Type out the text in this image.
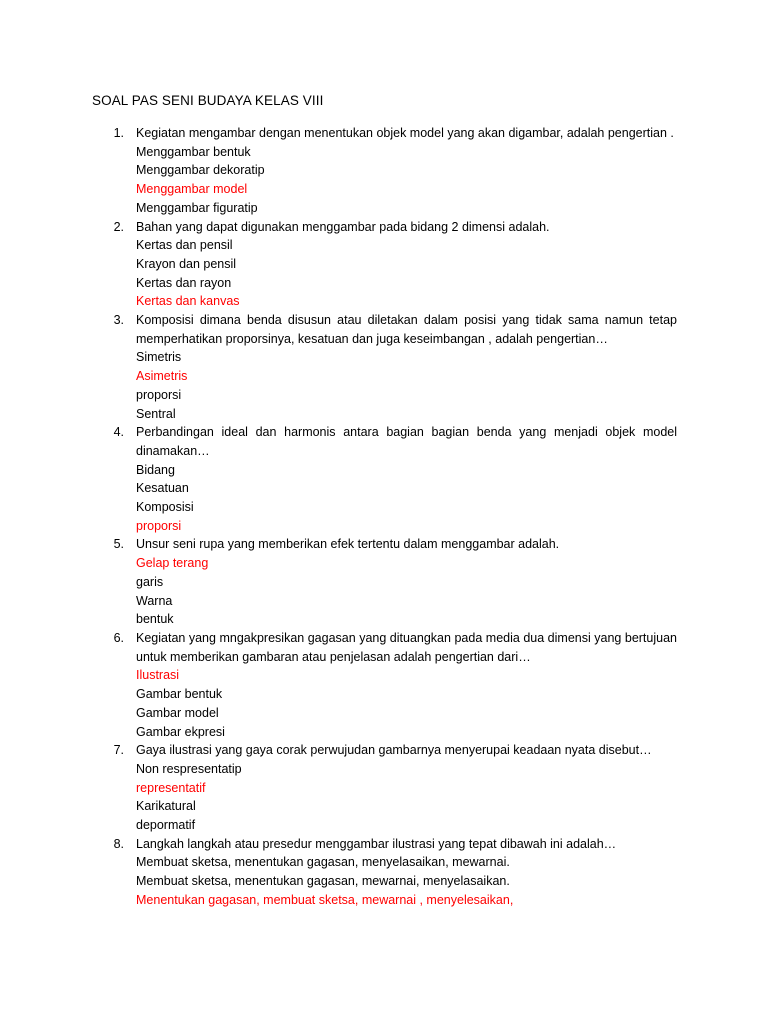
SOAL PAS SENI BUDAYA KELAS VIII
1. Kegiatan mengambar dengan menentukan objek model yang akan digambar, adalah pengertian .

Menggambar bentuk
Menggambar dekoratip
Menggambar model
Menggambar figuratip
2. Bahan yang dapat digunakan menggambar pada bidang 2 dimensi adalah.

Kertas dan pensil
Krayon dan pensil
Kertas dan rayon
Kertas dan kanvas
3. Komposisi dimana benda disusun atau diletakan dalam posisi yang tidak sama namun tetap memperhatikan proporsinya, kesatuan dan juga keseimbangan , adalah pengertian…

Simetris
Asimetris
proporsi
Sentral
4. Perbandingan ideal dan harmonis antara bagian bagian benda yang menjadi objek model dinamakan…

Bidang
Kesatuan
Komposisi
proporsi
5. Unsur seni rupa yang memberikan efek tertentu dalam menggambar adalah.

Gelap terang
garis
Warna
bentuk
6. Kegiatan yang mngakpresikan gagasan yang dituangkan pada media dua dimensi yang bertujuan untuk memberikan gambaran atau penjelasan adalah pengertian dari…

Ilustrasi
Gambar bentuk
Gambar model
Gambar ekpresi
7. Gaya ilustrasi yang gaya corak perwujudan gambarnya menyerupai keadaan nyata disebut…

Non respresentatip
representatif
Karikatural
depormatif
8. Langkah langkah atau presedur menggambar ilustrasi yang tepat dibawah ini adalah…

Membuat sketsa, menentukan gagasan, menyelasaikan, mewarnai.
Membuat sketsa, menentukan gagasan, mewarnai, menyelasaikan.
Menentukan gagasan, membuat sketsa, mewarnai , menyelesaikan,
